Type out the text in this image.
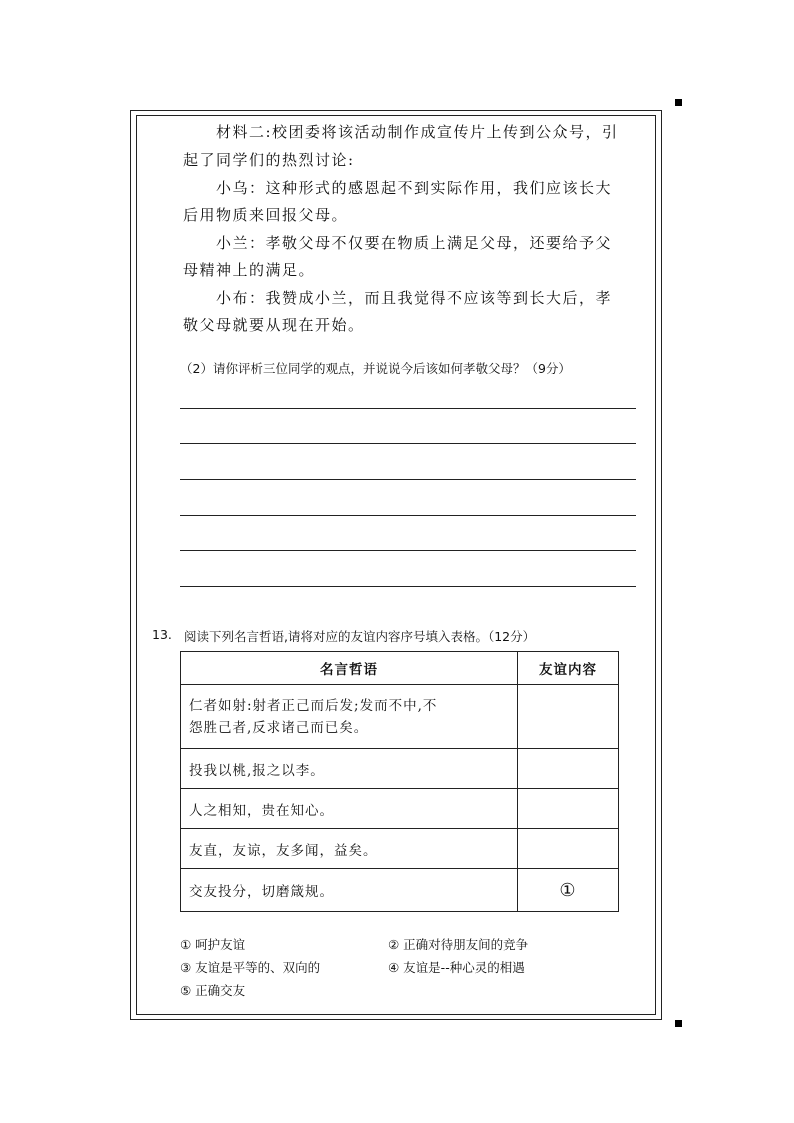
材料二:校团委将该活动制作成宣传片上传到公众号，引
起了同学们的热烈讨论:
小乌：这种形式的感恩起不到实际作用，我们应该长大
后用物质来回报父母。
小兰：孝敬父母不仅要在物质上满足父母，还要给予父
母精神上的满足。
小布：我赞成小兰，而且我觉得不应该等到长大后，孝
敬父母就要从现在开始。
（2）请你评析三位同学的观点，并说说今后该如何孝敬父母？（9分）
13. 阅读下列名言哲语,请将对应的友谊内容序号填入表格。（12分）
名言哲语	友谊内容

仁者如射:射者正己而后发;发而不中,不
怨胜己者,反求诸己而已矣。	

投我以桃,报之以李。	
人之相知，贵在知心。	
友直，友谅，友多闻，益矣。	
交友投分，切磨箴规。	①
① 呵护友谊	② 正确对待朋友间的竞争
③ 友谊是平等的、双向的	④ 友谊是--种心灵的相遇
⑤ 正确交友
